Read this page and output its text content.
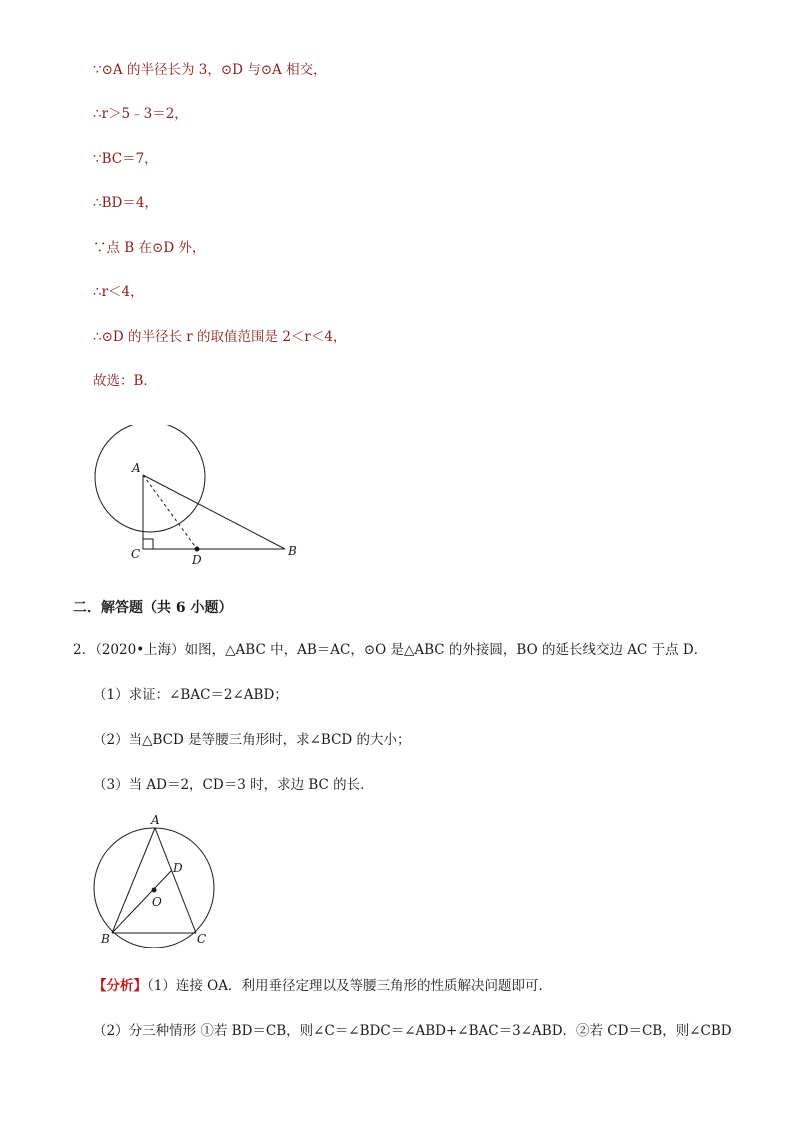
∵⊙A 的半径长为 3，⊙D 与⊙A 相交，
∴r＞5﹣3＝2，
∵BC＝7，
∴BD＝4，
∵点 B 在⊙D 外，
∴r＜4，
∴⊙D 的半径长 r 的取值范围是 2＜r＜4，
故选：B．
A
C	D
B
二．解答题（共 6 小题）
2．（2020•上海）如图，△ABC 中，AB＝AC，⊙O 是△ABC 的外接圆，BO 的延长线交边 AC 于点 D．
（1）求证：∠BAC＝2∠ABD；
（2）当△BCD 是等腰三角形时，求∠BCD 的大小；
（3）当 AD＝2，CD＝3 时，求边 BC 的长．
A
D
O
B	C
【分析】（1）连接 OA．利用垂径定理以及等腰三角形的性质解决问题即可．
（2）分三种情形 ①若 BD＝CB，则∠C＝∠BDC＝∠ABD+∠BAC＝3∠ABD．②若 CD＝CB，则∠CBD
